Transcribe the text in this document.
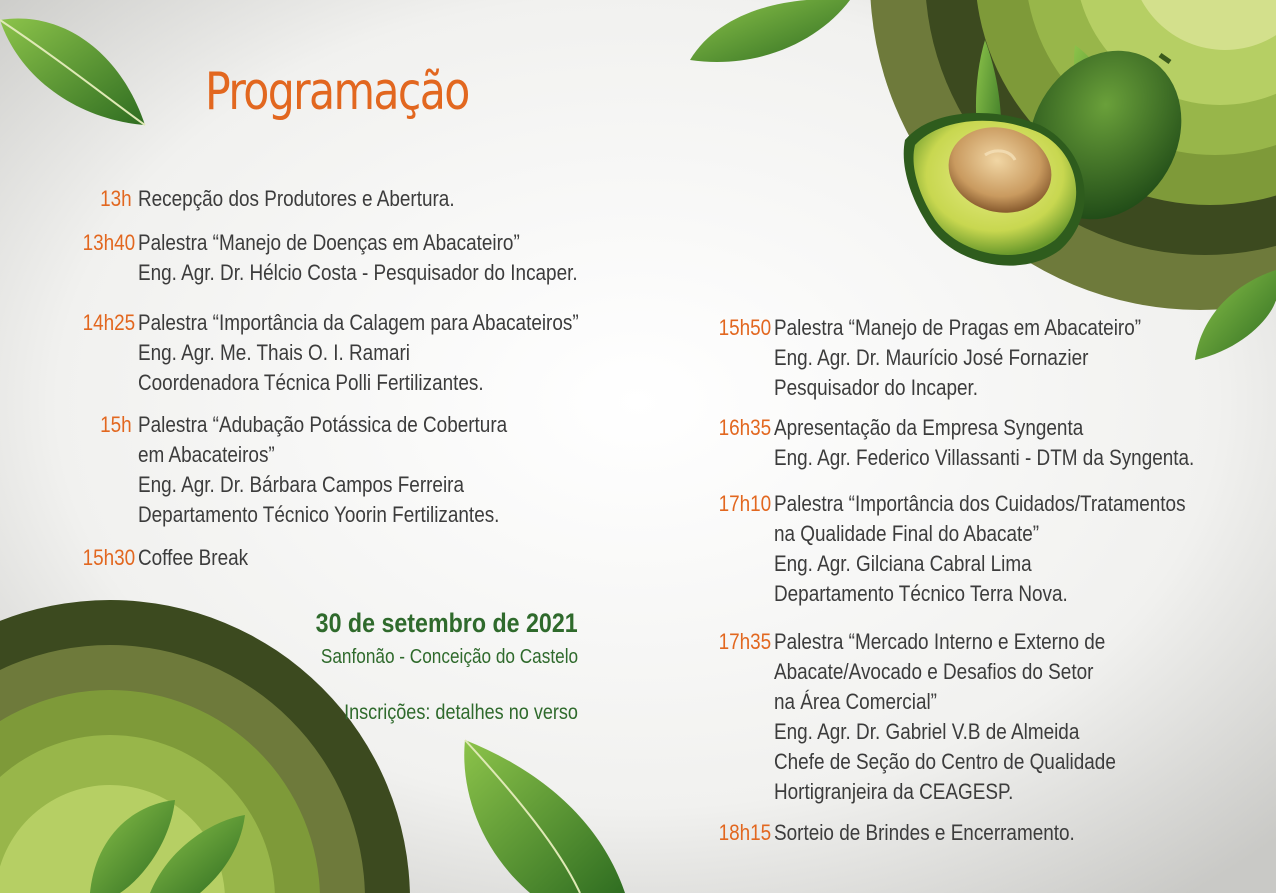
Programação
13h Recepção dos Produtores e Abertura.
13h40 Palestra “Manejo de Doenças em Abacateiro”
Eng. Agr. Dr. Hélcio Costa - Pesquisador do Incaper.
14h25 Palestra “Importância da Calagem para Abacateiros”
Eng. Agr. Me. Thais O. I. Ramari
Coordenadora Técnica Polli Fertilizantes.
15h Palestra “Adubação Potássica de Cobertura
em Abacateiros”
Eng. Agr. Dr. Bárbara Campos Ferreira
Departamento Técnico Yoorin Fertilizantes.
15h30 Coffee Break
15h50 Palestra “Manejo de Pragas em Abacateiro”
Eng. Agr. Dr. Maurício José Fornazier
Pesquisador do Incaper.
16h35 Apresentação da Empresa Syngenta
Eng. Agr. Federico Villassanti - DTM da Syngenta.
17h10 Palestra “Importância dos Cuidados/Tratamentos
na Qualidade Final do Abacate”
Eng. Agr. Gilciana Cabral Lima
Departamento Técnico Terra Nova.
17h35 Palestra “Mercado Interno e Externo de
Abacate/Avocado e Desafios do Setor
na Área Comercial”
Eng. Agr. Dr. Gabriel V.B de Almeida
Chefe de Seção do Centro de Qualidade
Hortigranjeira da CEAGESP.
18h15 Sorteio de Brindes e Encerramento.
30 de setembro de 2021
Sanfonão - Conceição do Castelo
Inscrições: detalhes no verso
